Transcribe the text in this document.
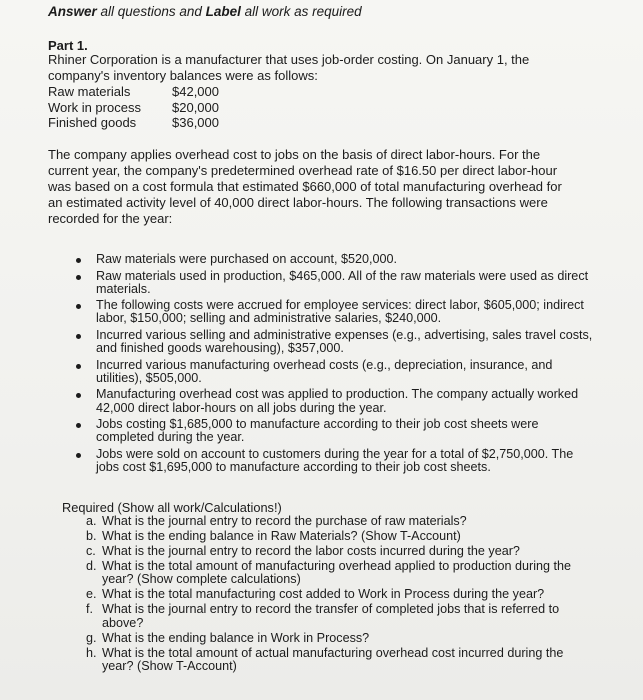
Answer all questions and Label all work as required
Part 1.
Rhiner Corporation is a manufacturer that uses job-order costing. On January 1, the company's inventory balances were as follows:
Raw materials	$42,000
Work in process	$20,000
Finished goods	$36,000
The company applies overhead cost to jobs on the basis of direct labor-hours. For the current year, the company's predetermined overhead rate of $16.50 per direct labor-hour was based on a cost formula that estimated $660,000 of total manufacturing overhead for an estimated activity level of 40,000 direct labor-hours. The following transactions were recorded for the year:
Raw materials were purchased on account, $520,000.
Raw materials used in production, $465,000. All of the raw materials were used as direct materials.
The following costs were accrued for employee services: direct labor, $605,000; indirect labor, $150,000; selling and administrative salaries, $240,000.
Incurred various selling and administrative expenses (e.g., advertising, sales travel costs, and finished goods warehousing), $357,000.
Incurred various manufacturing overhead costs (e.g., depreciation, insurance, and utilities), $505,000.
Manufacturing overhead cost was applied to production. The company actually worked 42,000 direct labor-hours on all jobs during the year.
Jobs costing $1,685,000 to manufacture according to their job cost sheets were completed during the year.
Jobs were sold on account to customers during the year for a total of $2,750,000. The jobs cost $1,695,000 to manufacture according to their job cost sheets.
Required (Show all work/Calculations!)
a. What is the journal entry to record the purchase of raw materials?
b. What is the ending balance in Raw Materials? (Show T-Account)
c. What is the journal entry to record the labor costs incurred during the year?
d. What is the total amount of manufacturing overhead applied to production during the year? (Show complete calculations)
e. What is the total manufacturing cost added to Work in Process during the year?
f. What is the journal entry to record the transfer of completed jobs that is referred to above?
g. What is the ending balance in Work in Process?
h. What is the total amount of actual manufacturing overhead cost incurred during the year? (Show T-Account)
